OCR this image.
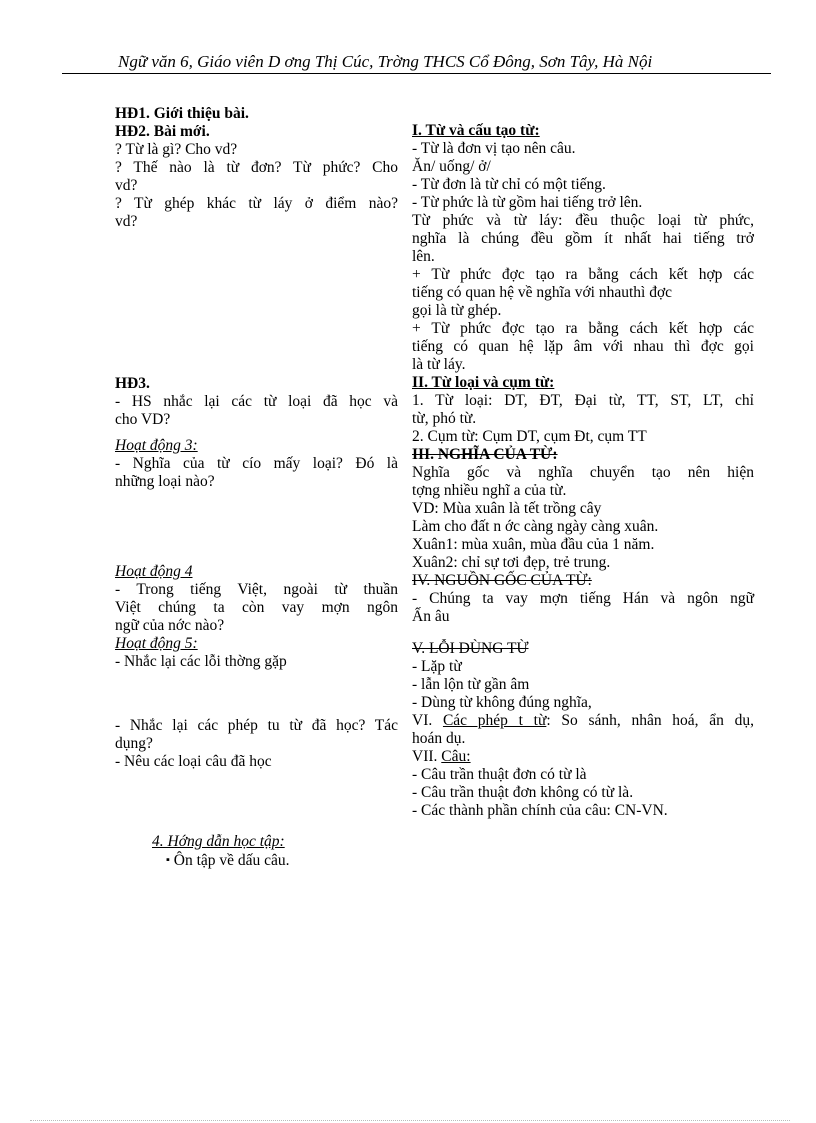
Ngữ văn 6, Giáo viên D ơng Thị Cúc, Trờng THCS Cổ Đông, Sơn Tây, Hà Nội
HĐ1. Giới thiệu bài.
HĐ2. Bài mới.
? Từ là gì? Cho vd?
? Thế nào là từ đơn? Từ phức? Cho
vd?
? Từ ghép khác từ láy ở điểm nào?
vd?
HĐ3.
- HS nhắc lại các từ loại đã học và
cho VD?
Hoạt động 3:
- Nghĩa của từ cío mấy loại? Đó là
những loại nào?
Hoạt động 4
- Trong tiếng Việt, ngoài từ thuần
Việt chúng ta còn vay mợn ngôn
ngữ của nớc nào?
Hoạt động 5:
- Nhắc lại các lỗi thờng gặp
- Nhắc lại các phép tu từ đã học? Tác
dụng?
- Nêu các loại câu đã học
I. Từ và cấu tạo từ:
- Từ là đơn vị tạo nên câu.
Ăn/ uống/ ở/
- Từ đơn là từ chỉ có một tiếng.
- Từ phức là từ gồm hai tiếng trở lên.
Từ phức và từ láy: đều thuộc loại từ phức,
nghĩa là chúng đều gồm ít nhất hai tiếng trở
lên.
+ Từ phức đợc tạo ra bằng cách kết hợp các
tiếng có quan hệ về nghĩa với nhauthì đợc
gọi là từ ghép.
+ Từ phức đợc tạo ra bằng cách kết hợp các
tiếng có quan hệ lặp âm với nhau thì đợc gọi
là từ láy.
II. Từ loại và cụm từ:
1. Từ loại: DT, ĐT, Đại từ, TT, ST, LT, chỉ
từ, phó từ.
2. Cụm từ: Cụm DT, cụm Đt, cụm TT
III. NGHĨA CỦA TỪ:
Nghĩa gốc và nghĩa chuyển tạo nên hiện
tợng nhiều nghĩ a của từ.
VD: Mùa xuân là tết trồng cây
Làm cho đất n ớc càng ngày càng xuân.
Xuân1: mùa xuân, mùa đầu của 1 năm.
Xuân2: chỉ sự tơi đẹp, trẻ trung.
IV. NGUỒN GỐC CỦA TỪ:
- Chúng ta vay mợn tiếng Hán và ngôn ngữ
Ấn âu
V. LỖI DÙNG TỪ
- Lặp từ
- lẫn lộn từ gần âm
- Dùng từ không đúng nghĩa,
VI. Các phép t từ: So sánh, nhân hoá, ẩn dụ,
hoán dụ.
VII. Câu:
- Câu trần thuật đơn có từ là
- Câu trần thuật đơn không có từ là.
- Các thành phần chính của câu: CN-VN.
4. Hớng dẫn học tập:
▪ Ôn tập về dấu câu.
